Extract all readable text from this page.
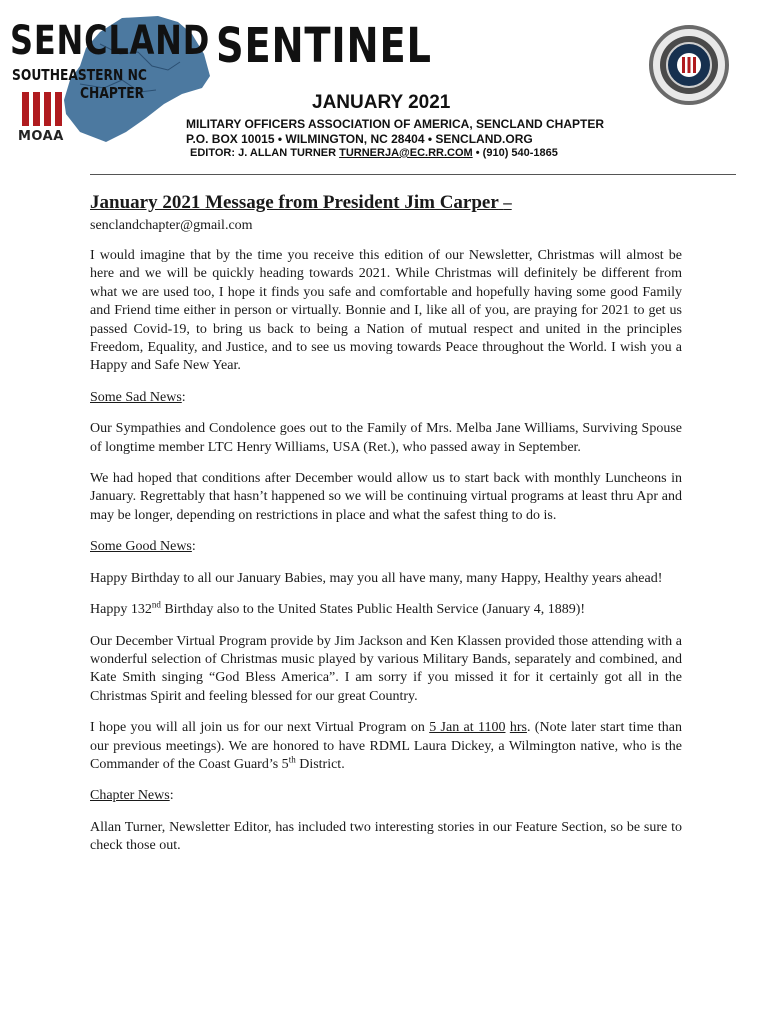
SENCLAND SENTINEL
SOUTHEASTERN NC
CHAPTER
MOAA
JANUARY 2021
MILITARY OFFICERS ASSOCIATION OF AMERICA, SENCLAND CHAPTER
P.O. BOX 10015 • WILMINGTON, NC 28404 • SENCLAND.ORG
EDITOR: J. ALLAN TURNER TURNERJA@EC.RR.COM • (910) 540-1865

January 2021 Message from President Jim Carper –

senclandchapter@gmail.com

I would imagine that by the time you receive this edition of our Newsletter, Christmas will almost be here and we will be quickly heading towards 2021. While Christmas will definitely be different from what we are used too, I hope it finds you safe and comfortable and hopefully having some good Family and Friend time either in person or virtually. Bonnie and I, like all of you, are praying for 2021 to get us passed Covid-19, to bring us back to being a Nation of mutual respect and united in the principles Freedom, Equality, and Justice, and to see us moving towards Peace throughout the World. I wish you a Happy and Safe New Year.

Some Sad News:

Our Sympathies and Condolence goes out to the Family of Mrs. Melba Jane Williams, Surviving Spouse of longtime member LTC Henry Williams, USA (Ret.), who passed away in September.

We had hoped that conditions after December would allow us to start back with monthly Luncheons in January. Regrettably that hasn’t happened so we will be continuing virtual programs at least thru Apr and may be longer, depending on restrictions in place and what the safest thing to do is.

Some Good News:

Happy Birthday to all our January Babies, may you all have many, many Happy, Healthy years ahead!

Happy 132nd Birthday also to the United States Public Health Service (January 4, 1889)!

Our December Virtual Program provide by Jim Jackson and Ken Klassen provided those attending with a wonderful selection of Christmas music played by various Military Bands, separately and combined, and Kate Smith singing “God Bless America”. I am sorry if you missed it for it certainly got all in the Christmas Spirit and feeling blessed for our great Country.

I hope you will all join us for our next Virtual Program on 5 Jan at 1100 hrs. (Note later start time than our previous meetings). We are honored to have RDML Laura Dickey, a Wilmington native, who is the Commander of the Coast Guard’s 5th District.

Chapter News:

Allan Turner, Newsletter Editor, has included two interesting stories in our Feature Section, so be sure to check those out.
